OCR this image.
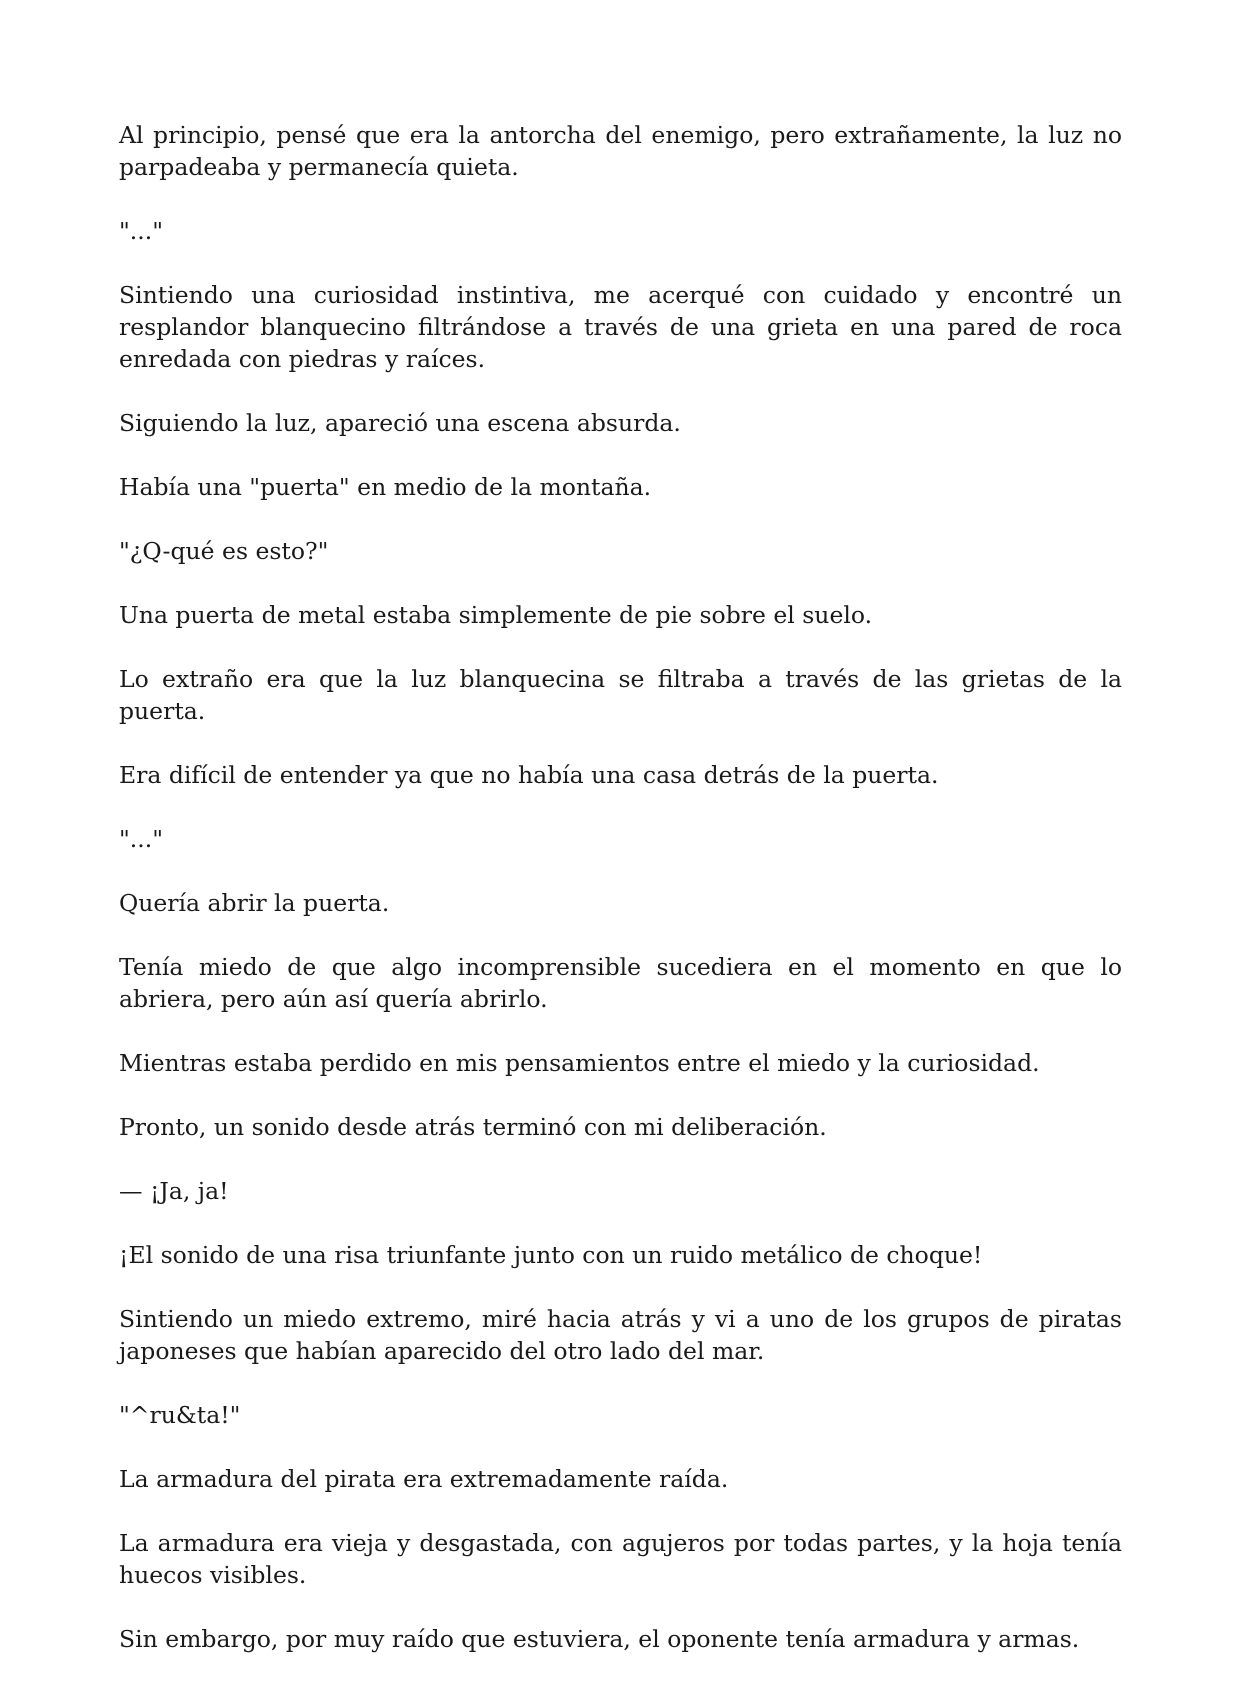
Al principio, pensé que era la antorcha del enemigo, pero extrañamente, la luz no parpadeaba y permanecía quieta.

"..."

Sintiendo una curiosidad instintiva, me acerqué con cuidado y encontré un resplandor blanquecino filtrándose a través de una grieta en una pared de roca enredada con piedras y raíces.

Siguiendo la luz, apareció una escena absurda.

Había una "puerta" en medio de la montaña.

"¿Q-qué es esto?"

Una puerta de metal estaba simplemente de pie sobre el suelo.

Lo extraño era que la luz blanquecina se filtraba a través de las grietas de la puerta.

Era difícil de entender ya que no había una casa detrás de la puerta.

"..."

Quería abrir la puerta.

Tenía miedo de que algo incomprensible sucediera en el momento en que lo abriera, pero aún así quería abrirlo.

Mientras estaba perdido en mis pensamientos entre el miedo y la curiosidad.

Pronto, un sonido desde atrás terminó con mi deliberación.

— ¡Ja, ja!

¡El sonido de una risa triunfante junto con un ruido metálico de choque!

Sintiendo un miedo extremo, miré hacia atrás y vi a uno de los grupos de piratas japoneses que habían aparecido del otro lado del mar.

"^ru&ta!"

La armadura del pirata era extremadamente raída.

La armadura era vieja y desgastada, con agujeros por todas partes, y la hoja tenía huecos visibles.

Sin embargo, por muy raído que estuviera, el oponente tenía armadura y armas.
